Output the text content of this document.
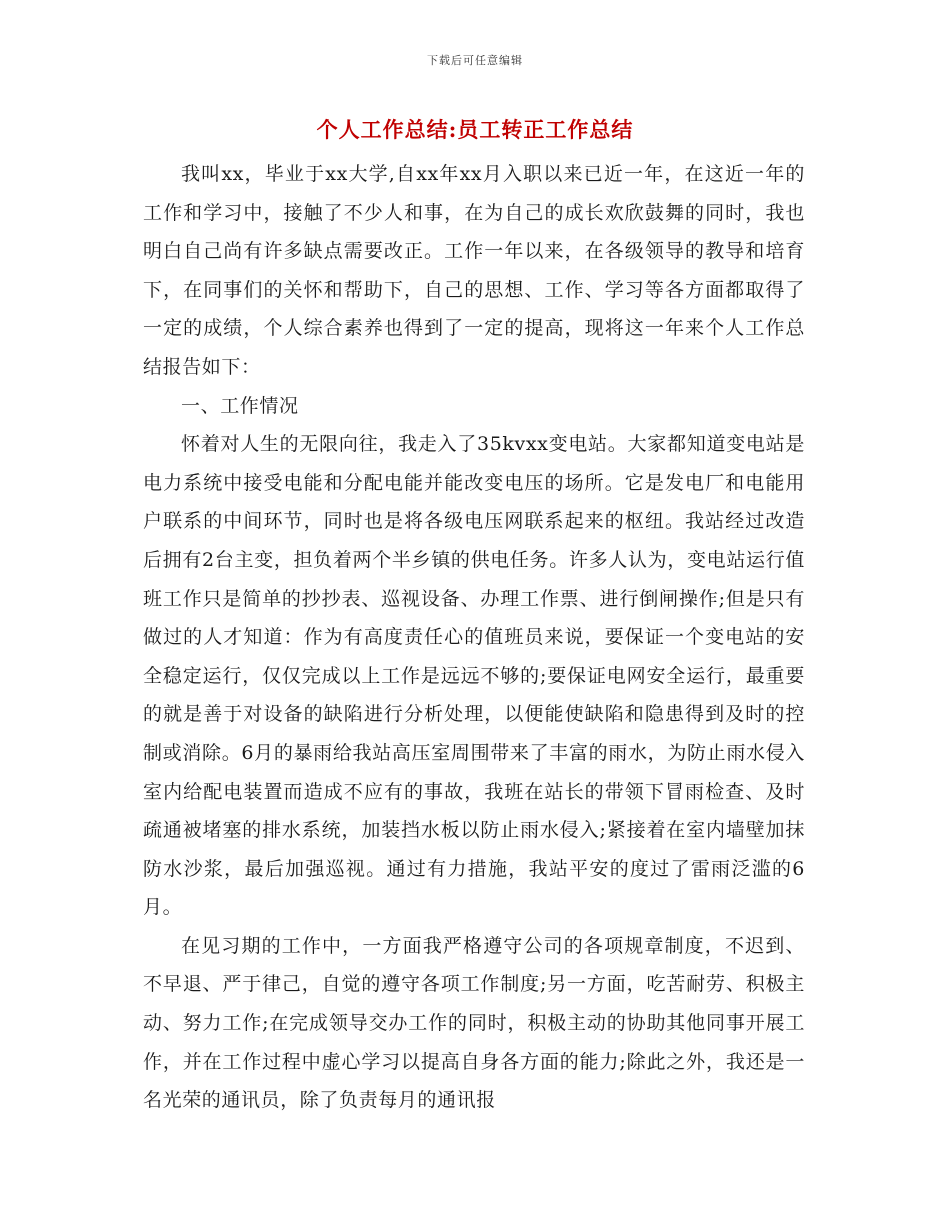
下载后可任意编辑
个人工作总结:员工转正工作总结

我叫xx，毕业于xx大学,自xx年xx月入职以来已近一年，在这近一年的工作和学习中，接触了不少人和事，在为自己的成长欢欣鼓舞的同时，我也明白自己尚有许多缺点需要改正。工作一年以来，在各级领导的教导和培育下，在同事们的关怀和帮助下，自己的思想、工作、学习等各方面都取得了一定的成绩，个人综合素养也得到了一定的提高，现将这一年来个人工作总结报告如下：

一、工作情况

怀着对人生的无限向往，我走入了35kvxx变电站。大家都知道变电站是电力系统中接受电能和分配电能并能改变电压的场所。它是发电厂和电能用户联系的中间环节，同时也是将各级电压网联系起来的枢纽。我站经过改造后拥有2台主变，担负着两个半乡镇的供电任务。许多人认为，变电站运行值班工作只是简单的抄抄表、巡视设备、办理工作票、进行倒闸操作;但是只有做过的人才知道：作为有高度责任心的值班员来说，要保证一个变电站的安全稳定运行，仅仅完成以上工作是远远不够的;要保证电网安全运行，最重要的就是善于对设备的缺陷进行分析处理，以便能使缺陷和隐患得到及时的控制或消除。6月的暴雨给我站高压室周围带来了丰富的雨水，为防止雨水侵入室内给配电装置而造成不应有的事故，我班在站长的带领下冒雨检查、及时疏通被堵塞的排水系统，加装挡水板以防止雨水侵入;紧接着在室内墙壁加抹防水沙浆，最后加强巡视。通过有力措施，我站平安的度过了雷雨泛滥的6月。

在见习期的工作中，一方面我严格遵守公司的各项规章制度，不迟到、不早退、严于律己，自觉的遵守各项工作制度;另一方面，吃苦耐劳、积极主动、努力工作;在完成领导交办工作的同时，积极主动的协助其他同事开展工作，并在工作过程中虚心学习以提高自身各方面的能力;除此之外，我还是一名光荣的通讯员，除了负责每月的通讯报
